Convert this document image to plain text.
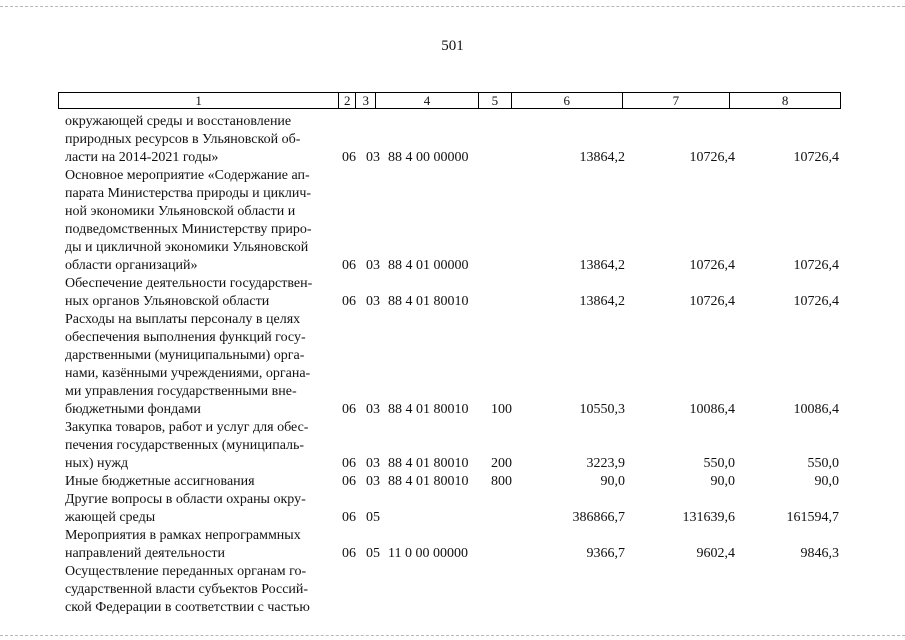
501
1	2 3	4	5	6	7	8
окружающей среды и восстановление
природных ресурсов в Ульяновской об-
ласти на 2014-2021 годы»	06 03 88 4 00 00000	13864,2	10726,4	10726,4
Основное мероприятие «Содержание ап-
парата Министерства природы и циклич-
ной экономики Ульяновской области и
подведомственных Министерству приро-
ды и цикличной экономики Ульяновской
области организаций»	06 03 88 4 01 00000	13864,2	10726,4	10726,4
Обеспечение деятельности государствен-
ных органов Ульяновской области	06 03 88 4 01 80010	13864,2	10726,4	10726,4
Расходы на выплаты персоналу в целях
обеспечения выполнения функций госу-
дарственными (муниципальными) орга-
нами, казёнными учреждениями, органа-
ми управления государственными вне-
бюджетными фондами	06 03 88 4 01 80010 100	10550,3	10086,4	10086,4
Закупка товаров, работ и услуг для обес-
печения государственных (муниципаль-
ных) нужд	06 03 88 4 01 80010 200	3223,9	550,0	550,0
Иные бюджетные ассигнования	06 03 88 4 01 80010 800	90,0	90,0	90,0
Другие вопросы в области охраны окру-
жающей среды	06 05	386866,7	131639,6	161594,7
Мероприятия в рамках непрограммных
направлений деятельности	06 05 11 0 00 00000	9366,7	9602,4	9846,3
Осуществление переданных органам го-
сударственной власти субъектов Россий-
ской Федерации в соответствии с частью
